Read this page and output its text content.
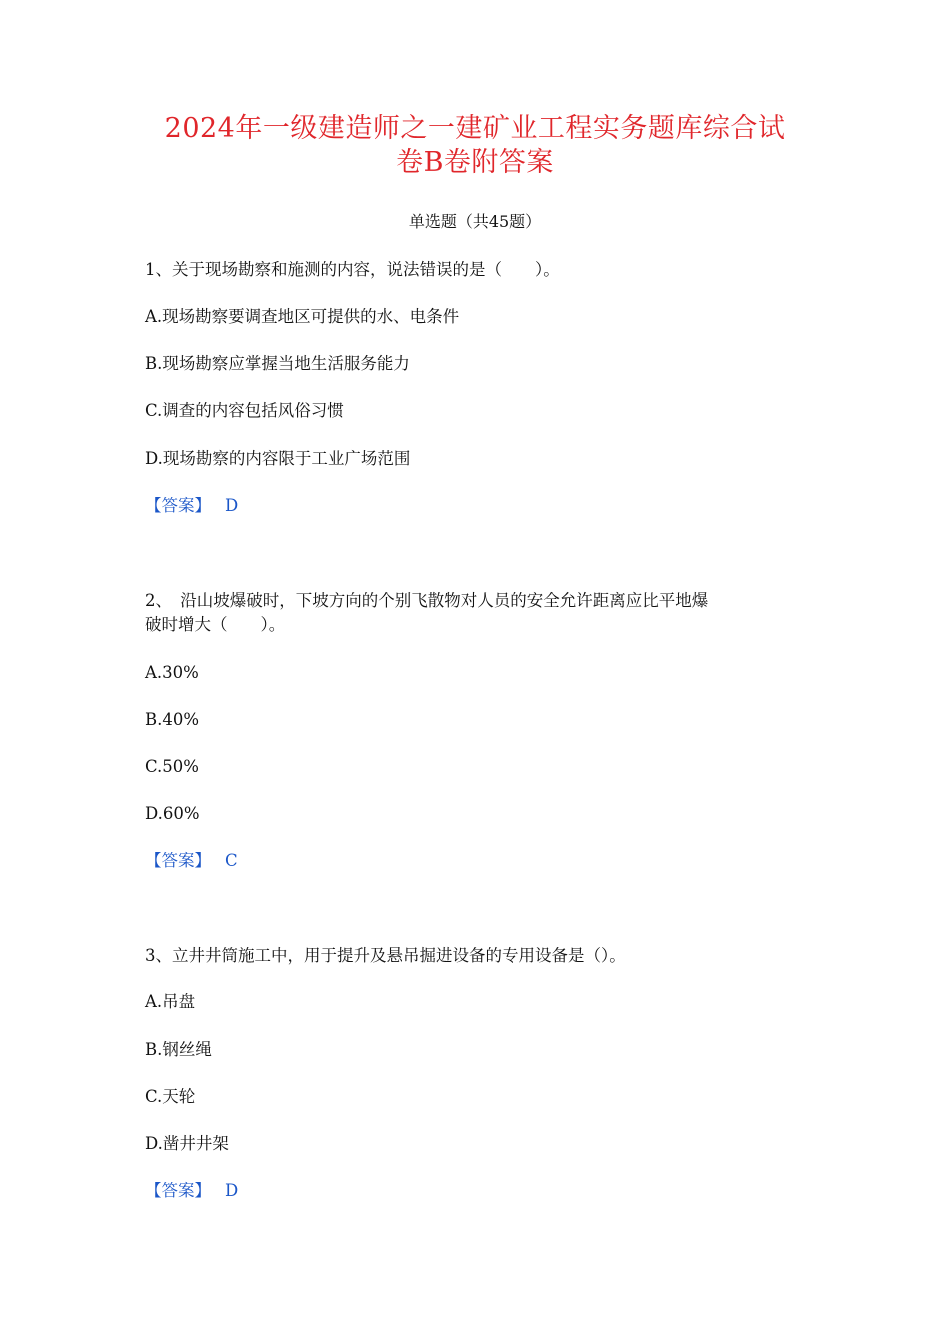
2024年一级建造师之一建矿业工程实务题库综合试
卷B卷附答案
单选题（共45题）
1、关于现场勘察和施测的内容，说法错误的是（　　）。
A.现场勘察要调查地区可提供的水、电条件
B.现场勘察应掌握当地生活服务能力
C.调查的内容包括风俗习惯
D.现场勘察的内容限于工业广场范围
【答案】 D
2、　沿山坡爆破时，下坡方向的个别飞散物对人员的安全允许距离应比平地爆
破时增大（　　）。
A.30%
B.40%
C.50%
D.60%
【答案】 C
3、立井井筒施工中，用于提升及悬吊掘进设备的专用设备是（）。
A.吊盘
B.钢丝绳
C.天轮
D.凿井井架
【答案】 D
